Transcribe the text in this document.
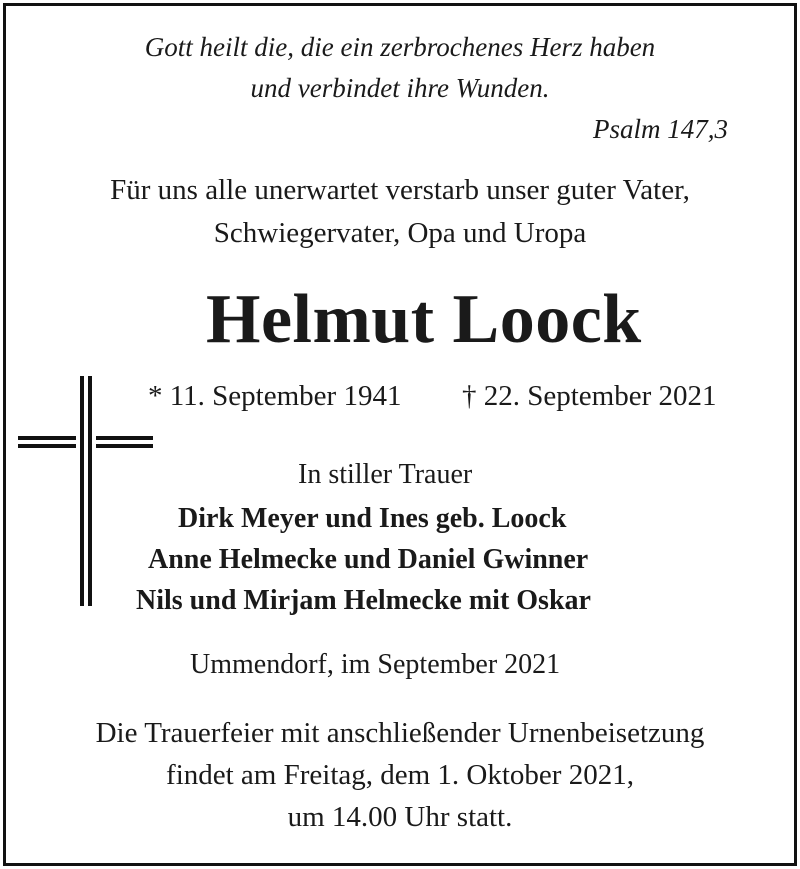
Gott heilt die, die ein zerbrochenes Herz haben
und verbindet ihre Wunden.
Psalm 147,3
Für uns alle unerwartet verstarb unser guter Vater,
Schwiegervater, Opa und Uropa
Helmut Loock
* 11. September 1941 † 22. September 2021
In stiller Trauer
Dirk Meyer und Ines geb. Loock
Anne Helmecke und Daniel Gwinner
Nils und Mirjam Helmecke mit Oskar
Ummendorf, im September 2021
Die Trauerfeier mit anschließender Urnenbeisetzung
findet am Freitag, dem 1. Oktober 2021,
um 14.00 Uhr statt.
